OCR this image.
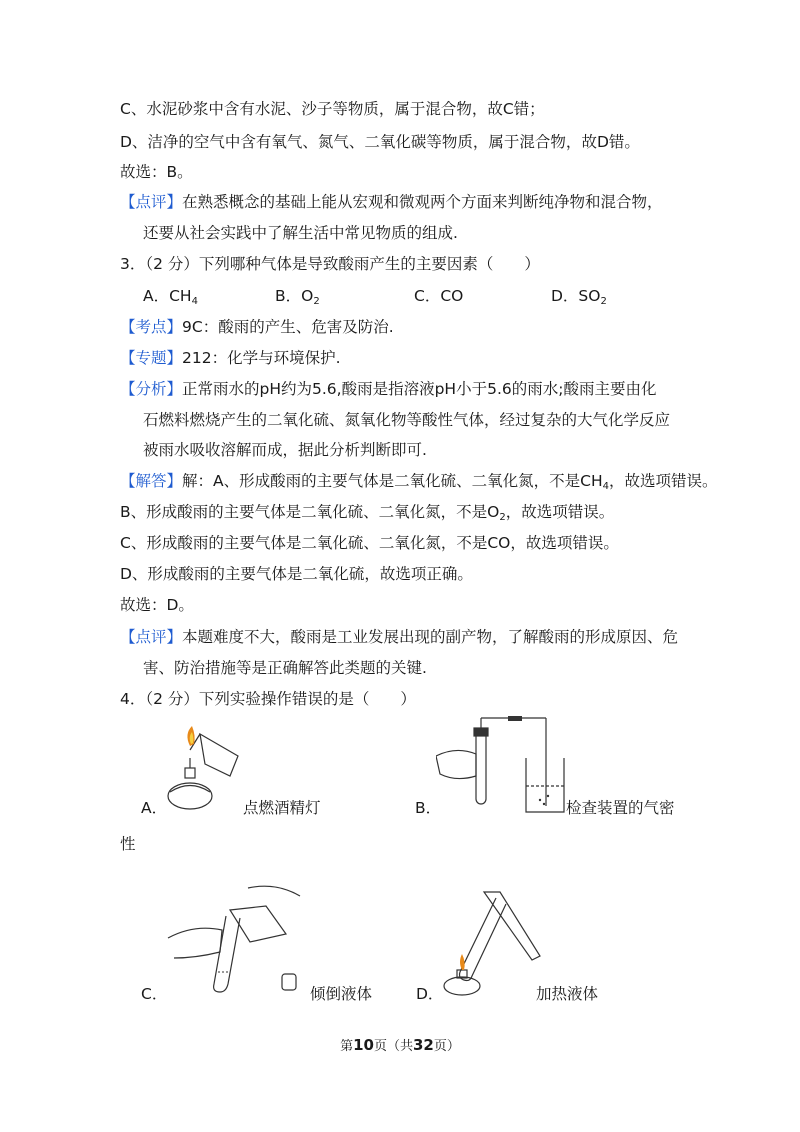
C、水泥砂浆中含有水泥、沙子等物质，属于混合物，故C错；
D、洁净的空气中含有氧气、氮气、二氧化碳等物质，属于混合物，故D错。
故选：B。
【点评】在熟悉概念的基础上能从宏观和微观两个方面来判断纯净物和混合物，
还要从社会实践中了解生活中常见物质的组成.
3．（2 分）下列哪种气体是导致酸雨产生的主要因素（　　）
A．$CH_4$	B．$O_2$	C．CO	D．$SO_2$
【考点】9C：酸雨的产生、危害及防治.
【专题】212：化学与环境保护.
【分析】正常雨水的pH约为5.6,酸雨是指溶液pH小于5.6的雨水;酸雨主要由化
石燃料燃烧产生的二氧化硫、氮氧化物等酸性气体，经过复杂的大气化学反应
被雨水吸收溶解而成，据此分析判断即可.
【解答】解：A、形成酸雨的主要气体是二氧化硫、二氧化氮，不是$CH_4$，故选项错误。
B、形成酸雨的主要气体是二氧化硫、二氧化氮，不是$O_2$，故选项错误。
C、形成酸雨的主要气体是二氧化硫、二氧化氮，不是CO，故选项错误。
D、形成酸雨的主要气体是二氧化硫，故选项正确。
故选：D。
【点评】本题难度不大，酸雨是工业发展出现的副产物，了解酸雨的形成原因、危
害、防治措施等是正确解答此类题的关键.
4．（2 分）下列实验操作错误的是（　　）
A．	点燃酒精灯	B．	检查装置的气密
性
C．	倾倒液体	D．	加热液体
第10页（共32页）
